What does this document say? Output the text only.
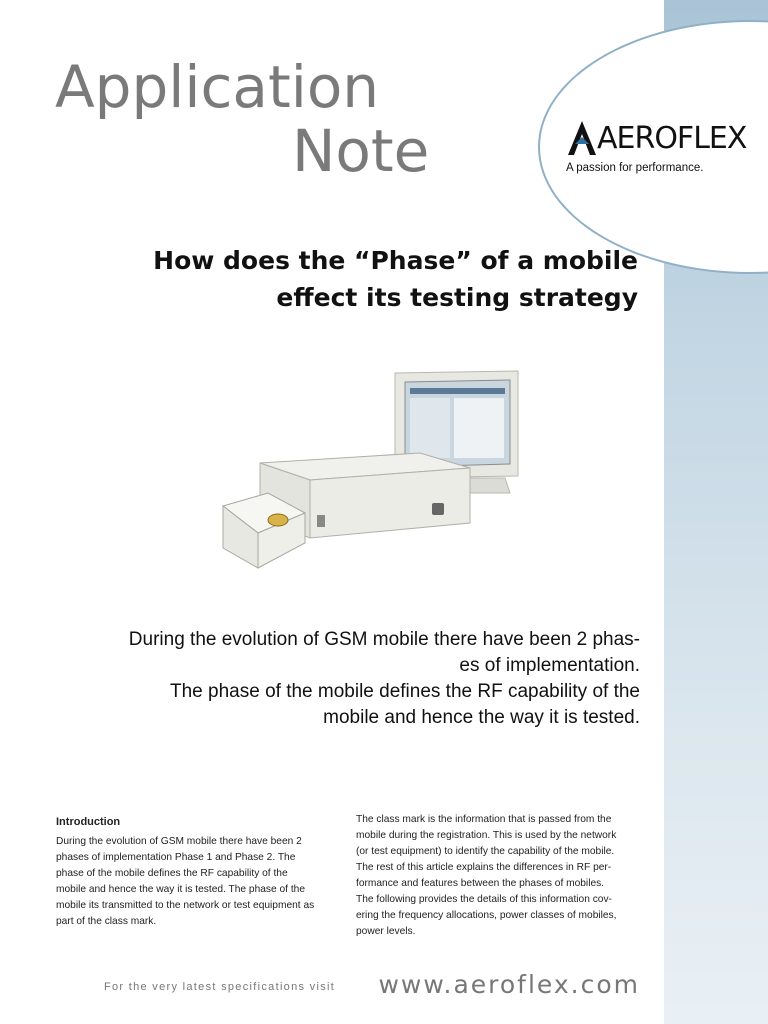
Application
Note	AEROFLEX
A passion for performance.
How does the “Phase” of a mobile
effect its testing strategy
During the evolution of GSM mobile there have been 2 phas-
es of implementation.
The phase of the mobile defines the RF capability of the
mobile and hence the way it is tested.
Introduction
During the evolution of GSM mobile there have been 2
phases of implementation Phase 1 and Phase 2. The
phase of the mobile defines the RF capability of the
mobile and hence the way it is tested. The phase of the
mobile its transmitted to the network or test equipment as
part of the class mark.
The class mark is the information that is passed from the
mobile during the registration. This is used by the network
(or test equipment) to identify the capability of the mobile.
The rest of this article explains the differences in RF per-
formance and features between the phases of mobiles.
The following provides the details of this information cov-
ering the frequency allocations, power classes of mobiles,
power levels.
For the very latest specifications visit www.aeroflex.com
